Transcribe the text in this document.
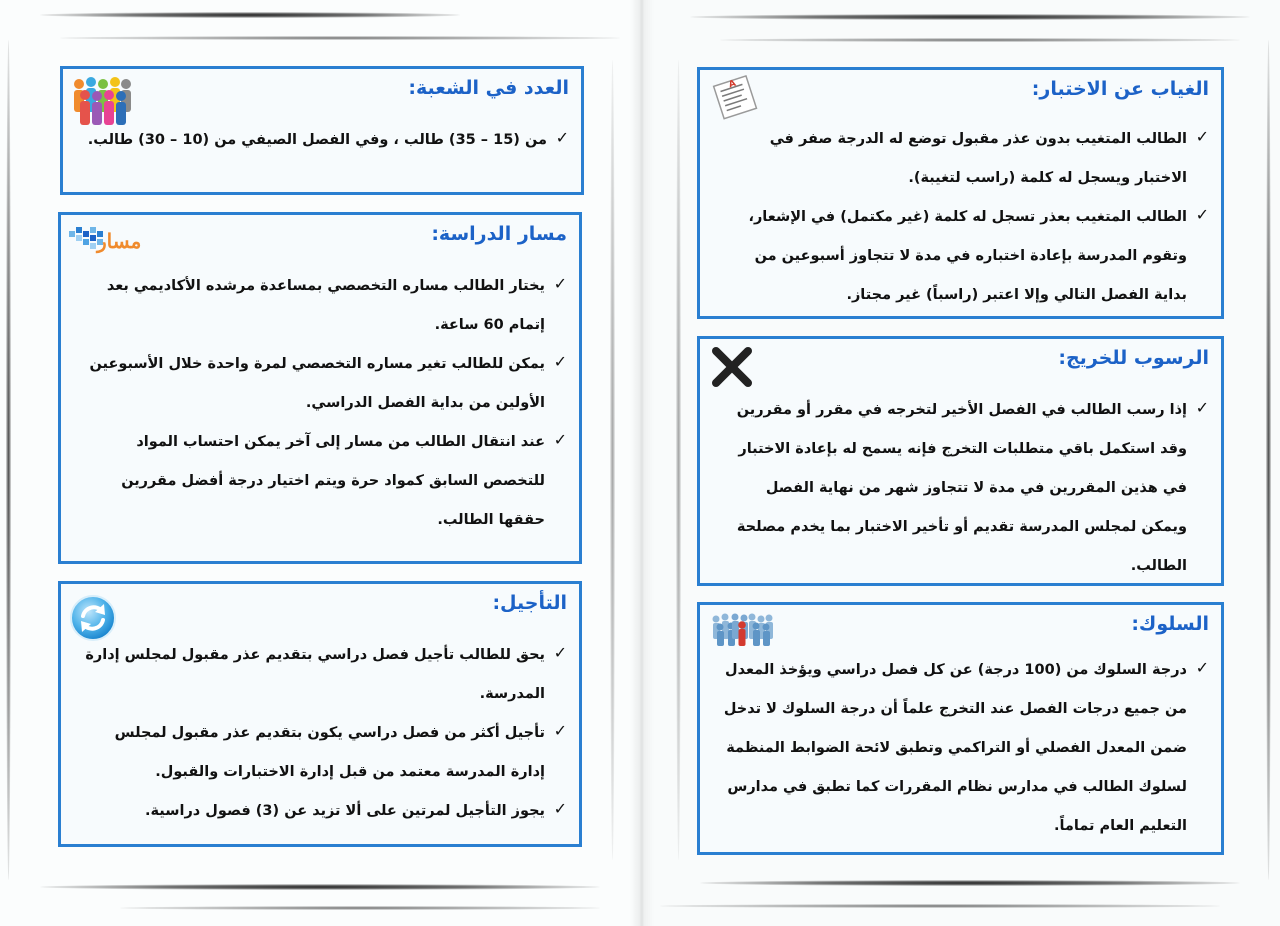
العدد في الشعبة:
✓
من (15 – 35) طالب ، وفي الفصل الصيفي من (10 – 30) طالب.
مسار الدراسة:
✓
يختار الطالب مساره التخصصي بمساعدة مرشده الأكاديمي بعد إتمام 60 ساعة.
✓
يمكن للطالب تغير مساره التخصصي لمرة واحدة خلال الأسبوعين الأولين من بداية الفصل الدراسي.
✓
عند انتقال الطالب من مسار إلى آخر يمكن احتساب المواد للتخصص السابق كمواد حرة ويتم اختيار درجة أفضل مقررين حققها الطالب.
مسار
التأجيل:
✓
يحق للطالب تأجيل فصل دراسي بتقديم عذر مقبول لمجلس إدارة المدرسة.
✓
تأجيل أكثر من فصل دراسي يكون بتقديم عذر مقبول لمجلس إدارة المدرسة معتمد من قبل إدارة الاختبارات والقبول.
✓
يجوز التأجيل لمرتين على ألا تزيد عن (3) فصول دراسية.
الغياب عن الاختبار:
✓
الطالب المتغيب بدون عذر مقبول توضع له الدرجة صفر في الاختبار ويسجل له كلمة (راسب لتغيبة).
✓
الطالب المتغيب بعذر تسجل له كلمة (غير مكتمل) في الإشعار، وتقوم المدرسة بإعادة اختباره في مدة لا تتجاوز أسبوعين من بداية الفصل التالي وإلا اعتبر (راسباً) غير مجتاز.
A
الرسوب للخريج:
✓
إذا رسب الطالب في الفصل الأخير لتخرجه في مقرر أو مقررين وقد استكمل باقي متطلبات التخرج فإنه يسمح له بإعادة الاختبار في هذين المقررين في مدة لا تتجاوز شهر من نهاية الفصل ويمكن لمجلس المدرسة تقديم أو تأخير الاختبار بما يخدم مصلحة الطالب.
السلوك:
✓
درجة السلوك من (100 درجة) عن كل فصل دراسي ويؤخذ المعدل من جميع درجات الفصل عند التخرج علماً أن درجة السلوك لا تدخل ضمن المعدل الفصلي أو التراكمي وتطبق لائحة الضوابط المنظمة لسلوك الطالب في مدارس نظام المقررات كما تطبق في مدارس التعليم العام تماماً.
